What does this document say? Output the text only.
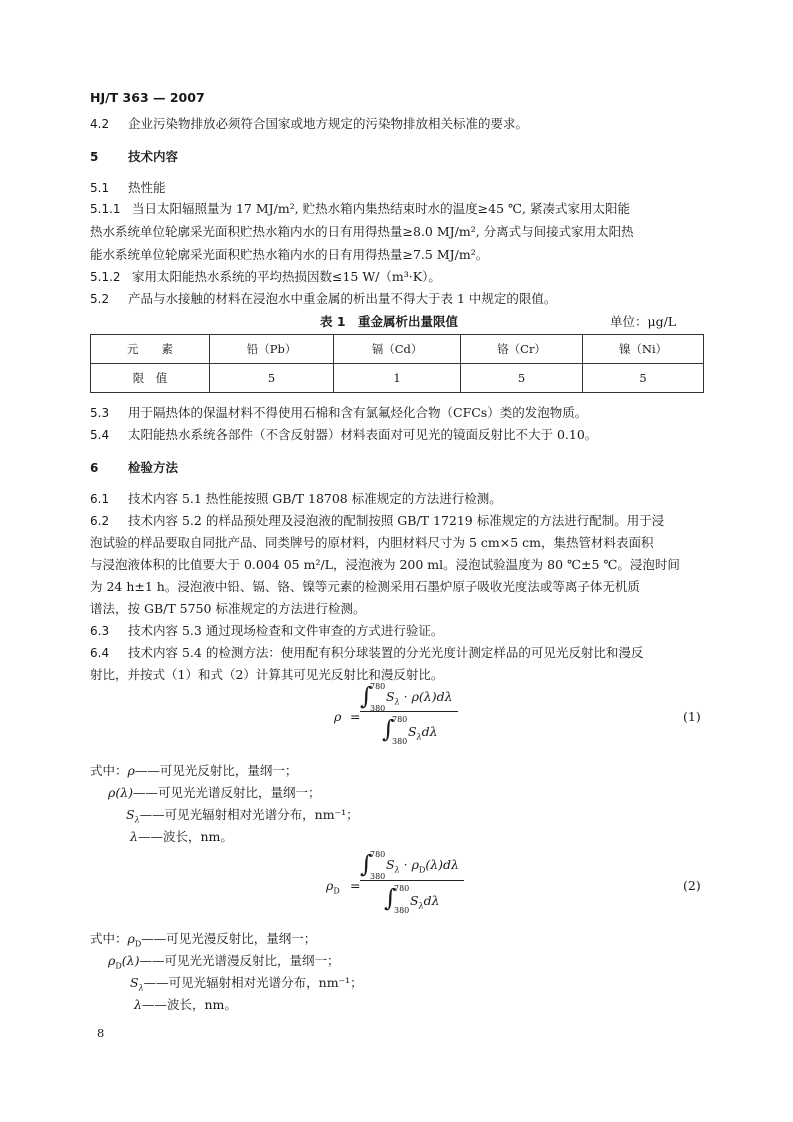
HJ/T 363 — 2007
4.2 企业污染物排放必须符合国家或地方规定的污染物排放相关标准的要求。
5 技术内容
5.1 热性能
5.1.1 当日太阳辐照量为 17 MJ/m², 贮热水箱内集热结束时水的温度≥45 ℃, 紧凑式家用太阳能
热水系统单位轮廓采光面积贮热水箱内水的日有用得热量≥8.0 MJ/m², 分离式与间接式家用太阳热
能水系统单位轮廓采光面积贮热水箱内水的日有用得热量≥7.5 MJ/m²。
5.1.2 家用太阳能热水系统的平均热损因数≤15 W/（m³·K）。
5.2 产品与水接触的材料在浸泡水中重金属的析出量不得大于表 1 中规定的限值。
表 1　重金属析出量限值	单位：μg/L
元　　素	铅（Pb）	镉（Cd）	铬（Cr）	镍（Ni）
限　值	5	1	5	5
5.3 用于隔热体的保温材料不得使用石棉和含有氯氟烃化合物（CFCs）类的发泡物质。
5.4 太阳能热水系统各部件（不含反射器）材料表面对可见光的镜面反射比不大于 0.10。
6 检验方法
6.1 技术内容 5.1 热性能按照 GB/T 18708 标准规定的方法进行检测。
6.2 技术内容 5.2 的样品预处理及浸泡液的配制按照 GB/T 17219 标准规定的方法进行配制。用于浸
泡试验的样品要取自同批产品、同类牌号的原材料，内胆材料尺寸为 5 cm×5 cm，集热管材料表面积
与浸泡液体积的比值要大于 0.004 05 m²/L，浸泡液为 200 ml。浸泡试验温度为 80 ℃±5 ℃。浸泡时间
为 24 h±1 h。浸泡液中铅、镉、铬、镍等元素的检测采用石墨炉原子吸收光度法或等离子体无机质
谱法，按 GB/T 5750 标准规定的方法进行检测。
6.3 技术内容 5.3 通过现场检查和文件审查的方式进行验证。
6.4 技术内容 5.4 的检测方法：使用配有积分球装置的分光光度计测定样品的可见光反射比和漫反
射比，并按式（1）和式（2）计算其可见光反射比和漫反射比。
ρ =
∫
780
380
$S_\lambda \cdot \rho(\lambda)d\lambda$
∫
780
380
$S_\lambda d\lambda$
(1)
式中：ρ——可见光反射比，量纲一；
ρ(λ)——可见光光谱反射比，量纲一；
$S_\lambda——$可见光辐射相对光谱分布，nm⁻¹；
λ——波长，nm。
$\rho_D$ =
∫
780
380
$S_\lambda \cdot \rho_D(\lambda)d\lambda$
∫
780
380
$S_\lambda d\lambda$
(2)
式中：$\rho_D——$可见光漫反射比，量纲一；
$\rho_D(\lambda)——$可见光光谱漫反射比，量纲一；
$S_\lambda——$可见光辐射相对光谱分布，nm⁻¹；
λ——波长，nm。
8
